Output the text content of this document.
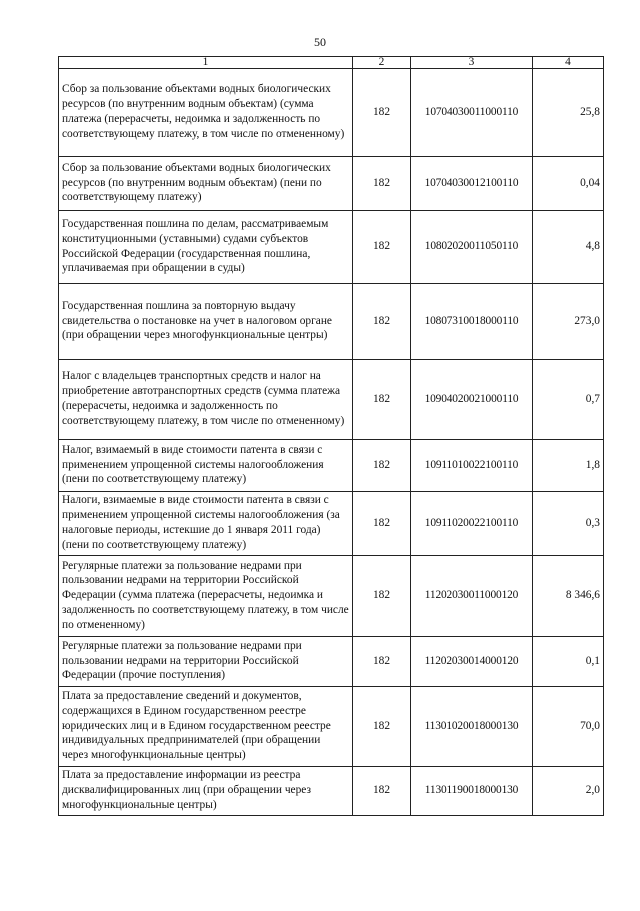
50
1	2	3	4
Сбор за пользование объектами водных биологических ресурсов (по внутренним водным объектам) (сумма платежа (перерасчеты, недоимка и задолженность по соответствующему платежу, в том числе по отмененному)	182	10704030011000110	25,8
Сбор за пользование объектами водных биологических ресурсов (по внутренним водным объектам) (пени по соответствующему платежу)	182	10704030012100110	0,04
Государственная пошлина по делам, рассматриваемым конституционными (уставными) судами субъектов Российской Федерации (государственная пошлина, уплачиваемая при обращении в суды)	182	10802020011050110	4,8
Государственная пошлина за повторную выдачу свидетельства о постановке на учет в налоговом органе (при обращении через многофункциональные центры)	182	10807310018000110	273,0
Налог с владельцев транспортных средств и налог на приобретение автотранспортных средств (сумма платежа (перерасчеты, недоимка и задолженность по соответствующему платежу, в том числе по отмененному)	182	10904020021000110	0,7
Налог, взимаемый в виде стоимости патента в связи с применением упрощенной системы налогообложения (пени по соответствующему платежу)	182	10911010022100110	1,8
Налоги, взимаемые в виде стоимости патента в связи с применением упрощенной системы налогообложения (за налоговые периоды, истекшие до 1 января 2011 года) (пени по соответствующему платежу)	182	10911020022100110	0,3
Регулярные платежи за пользование недрами при пользовании недрами на территории Российской Федерации (сумма платежа (перерасчеты, недоимка и задолженность по соответствующему платежу, в том числе по отмененному)	182	11202030011000120	8 346,6
Регулярные платежи за пользование недрами при пользовании недрами на территории Российской Федерации (прочие поступления)	182	11202030014000120	0,1
Плата за предоставление сведений и документов, содержащихся в Едином государственном реестре юридических лиц и в Едином государственном реестре индивидуальных предпринимателей (при обращении через многофункциональные центры)	182	11301020018000130	70,0
Плата за предоставление информации из реестра дисквалифицированных лиц (при обращении через многофункциональные центры)	182	11301190018000130	2,0
